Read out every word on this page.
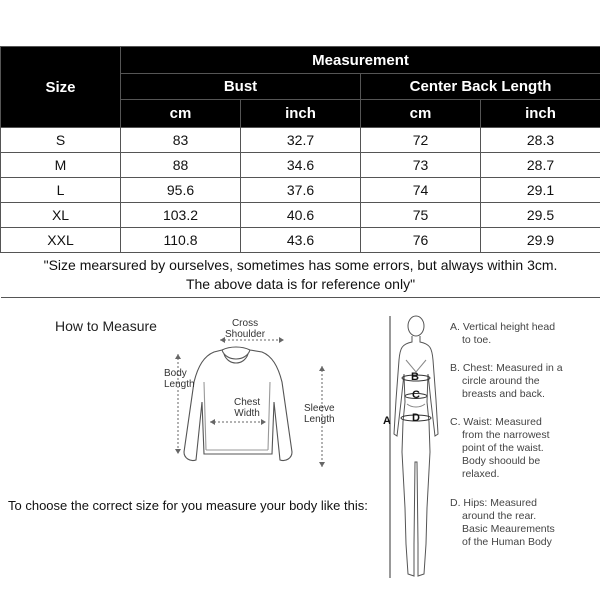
Size	Measurement			
	Bust		Center Back Length	
	cm	inch	cm	inch
S	83	32.7	72	28.3
M	88	34.6	73	28.7
L	95.6	37.6	74	29.1
XL	103.2	40.6	75	29.5
XXL	110.8	43.6	76	29.9

"Size mearsured by ourselves, sometimes has some errors, but always within 3cm.
The above data is for reference only"				
How to Measure	Cross
Shoulder
Body
Length
Chest
Width	Sleeve
Length
To choose the correct size for you measure your body like this:
A
B
C
D
A. Vertical height head
to toe.
B. Chest: Measured in a
circle around the
breasts and back.
C. Waist: Measured
from the narrowest
point of the waist.
Body shoould be
relaxed.
D. Hips: Measured
around the rear.
Basic Meaurements
of the Human Body
